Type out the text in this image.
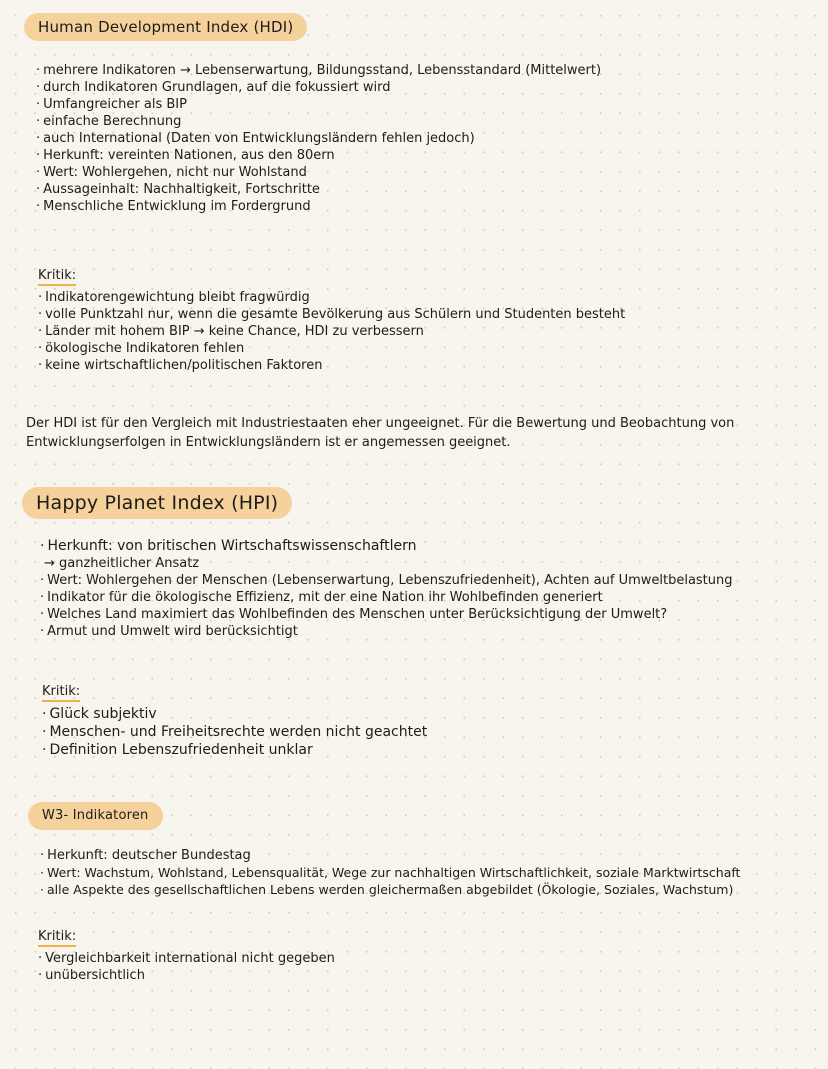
Human Development Index (HDI)
· mehrere Indikatoren → Lebenserwartung, Bildungsstand, Lebensstandard (Mittelwert)
· durch Indikatoren Grundlagen, auf die fokussiert wird
· Umfangreicher als BIP
· einfache Berechnung
· auch International (Daten von Entwicklungsländern fehlen jedoch)
· Herkunft: vereinten Nationen, aus den 80ern
· Wert: Wohlergehen, nicht nur Wohlstand
· Aussageinhalt: Nachhaltigkeit, Fortschritte
· Menschliche Entwicklung im Fordergrund
Kritik:
· Indikatorengewichtung bleibt fragwürdig
· volle Punktzahl nur, wenn die gesamte Bevölkerung aus Schülern und Studenten besteht
· Länder mit hohem BIP → keine Chance, HDI zu verbessern
· ökologische Indikatoren fehlen
· keine wirtschaftlichen/politischen Faktoren
Der HDI ist für den Vergleich mit Industriestaaten eher ungeeignet. Für die Bewertung und Beobachtung von Entwicklungserfolgen in Entwicklungsländern ist er angemessen geeignet.
Happy Planet Index (HPI)
· Herkunft: von britischen Wirtschaftswissenschaftlern
→ ganzheitlicher Ansatz
· Wert: Wohlergehen der Menschen (Lebenserwartung, Lebenszufriedenheit), Achten auf Umweltbelastung
· Indikator für die ökologische Effizienz, mit der eine Nation ihr Wohlbefinden generiert
· Welches Land maximiert das Wohlbefinden des Menschen unter Berücksichtigung der Umwelt?
· Armut und Umwelt wird berücksichtigt
Kritik:
· Glück subjektiv
· Menschen- und Freiheitsrechte werden nicht geachtet
· Definition Lebenszufriedenheit unklar
W3- Indikatoren
· Herkunft: deutscher Bundestag
· Wert: Wachstum, Wohlstand, Lebensqualität, Wege zur nachhaltigen Wirtschaftlichkeit, soziale Marktwirtschaft
· alle Aspekte des gesellschaftlichen Lebens werden gleichermaßen abgebildet (Ökologie, Soziales, Wachstum)
Kritik:
· Vergleichbarkeit international nicht gegeben
· unübersichtlich
